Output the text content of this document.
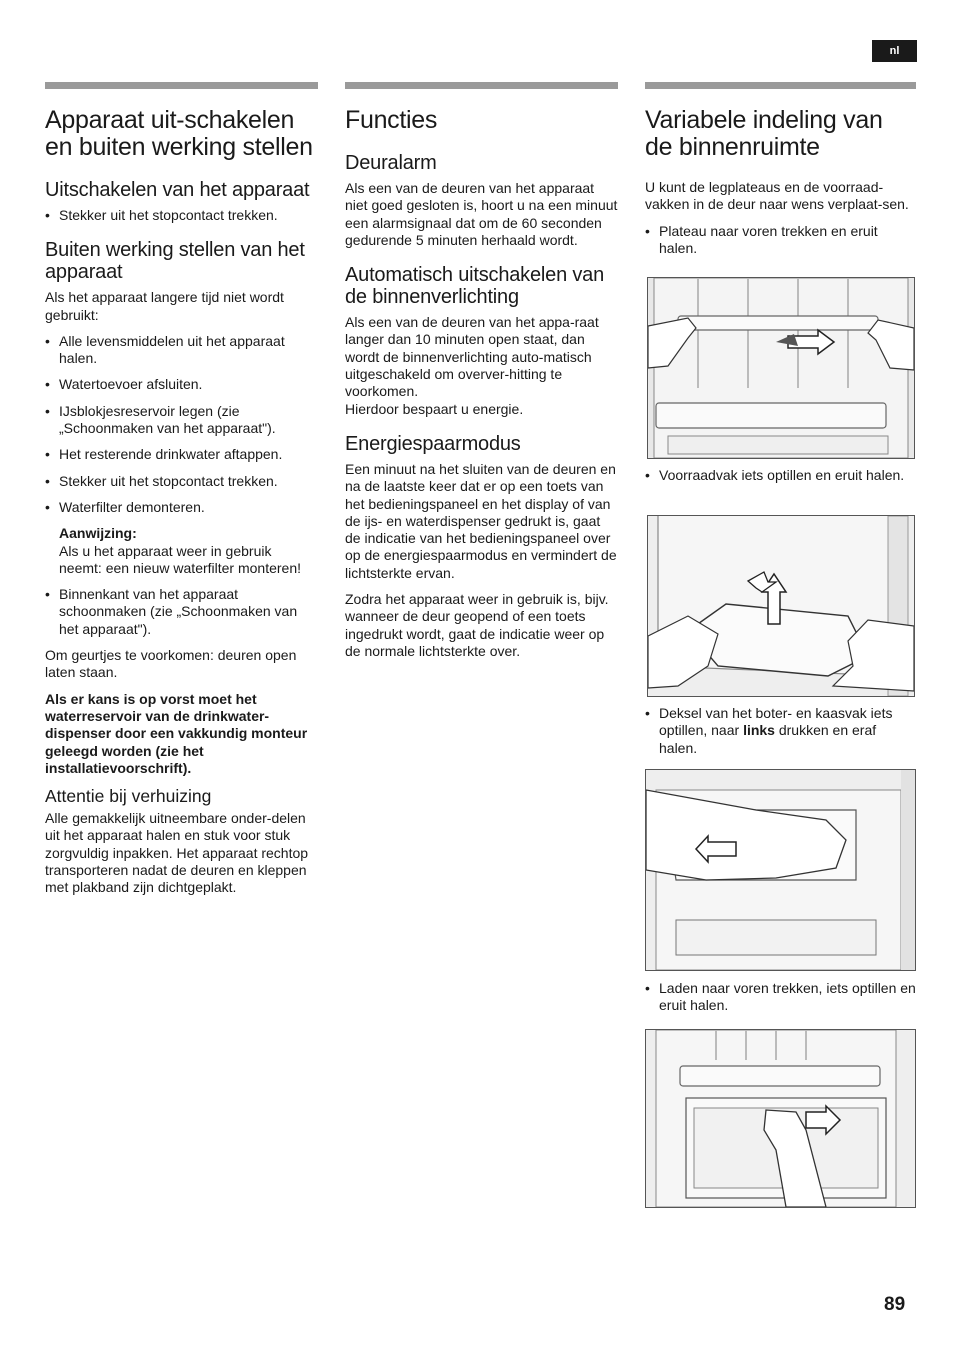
nl
Apparaat uit-schakelen en buiten werking stellen
Uitschakelen van het apparaat
• Stekker uit het stopcontact trekken.
Buiten werking stellen van het apparaat

Als het apparaat langere tijd niet wordt gebruikt:

• Alle levensmiddelen uit het apparaat halen.
• Watertoevoer afsluiten.
• IJsblokjesreservoir legen (zie „Schoonmaken van het apparaat").
• Het resterende drinkwater aftappen.
• Stekker uit het stopcontact trekken.
• Waterfilter demonteren.
Aanwijzing:
Als u het apparaat weer in gebruik neemt: een nieuw waterfilter monteren!
• Binnenkant van het apparaat schoonmaken (zie „Schoonmaken van het apparaat").

Om geurtjes te voorkomen: deuren open laten staan.

Als er kans is op vorst moet het waterreservoir van de drinkwater-dispenser door een vakkundig monteur geleegd worden (zie het installatievoorschrift).

Attentie bij verhuizing

Alle gemakkelijk uitneembare onder-delen uit het apparaat halen en stuk voor stuk zorgvuldig inpakken. Het apparaat rechtop transporteren nadat de deuren en kleppen met plakband zijn dichtgeplakt.

Functies
Deuralarm

Als een van de deuren van het apparaat niet goed gesloten is, hoort u na een minuut een alarmsignaal dat om de 60 seconden gedurende 5 minuten herhaald wordt.

Automatisch uitschakelen van de binnenverlichting

Als een van de deuren van het appa-raat langer dan 10 minuten open staat, dan wordt de binnenverlichting auto-matisch uitgeschakeld om overver-hitting te voorkomen.

Hierdoor bespaart u energie.

Energiespaarmodus

Een minuut na het sluiten van de deuren en na de laatste keer dat er op een toets van het bedieningspaneel en het display of van de ijs- en waterdispenser gedrukt is, gaat de indicatie van het bedieningspaneel over op de energiespaarmodus en vermindert de lichtsterkte ervan.

Zodra het apparaat weer in gebruik is, bijv. wanneer de deur geopend of een toets ingedrukt wordt, gaat de indicatie weer op de normale lichtsterkte over.

Variabele indeling van de binnenruimte

U kunt de legplateaus en de voorraad-vakken in de deur naar wens verplaat-sen.

• Plateau naar voren trekken en eruit halen.
• Voorraadvak iets optillen en eruit halen.
• Deksel van het boter- en kaasvak iets optillen, naar links drukken en eraf halen.
• Laden naar voren trekken, iets optillen en eruit halen.
89
